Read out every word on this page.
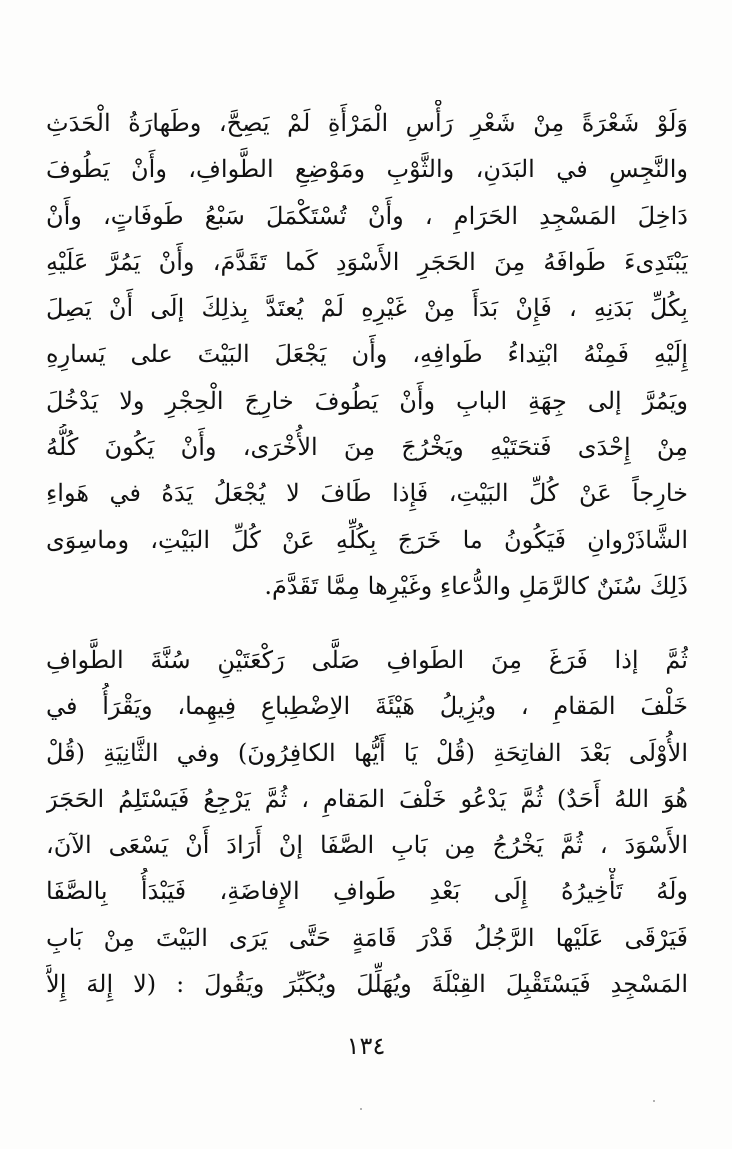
وَلَوْ شَعْرَةً مِنْ شَعْرِ رَأْسِ الْمَرْأَةِ لَمْ يَصِحَّ، وطَهارَةُ الْحَدَثِ
والنَّجِسِ في البَدَنِ، والثَّوْبِ ومَوْضِعِ الطَّوافِ، وأَنْ يَطُوفَ
دَاخِلَ المَسْجِدِ الحَرَامِ ، وأَنْ تُسْتَكْمَلَ سَبْعُ طَوفَاتٍ، وأَنْ
يَبْتَدِىءَ طَوافَهُ مِنَ الحَجَرِ الأَسْوَدِ كَما تَقَدَّمَ، وأَنْ يَمُرَّ عَلَيْهِ
بِكُلِّ بَدَنِهِ ، فَإِنْ بَدَأَ مِنْ غَيْرِهِ لَمْ يُعتَدَّ بِذلِكَ إلَى أَنْ يَصِلَ
إِلَيْهِ فَمِنْهُ ابْتِداءُ طَوافِهِ، وأَن يَجْعَلَ البَيْتَ على يَسارِهِ
ويَمُرَّ إلى جِهَةِ البابِ وأَنْ يَطُوفَ خارِجَ الْحِجْرِ ولا يَدْخُلَ
مِنْ إِحْدَى فَتحَتَيْهِ ويَخْرُجَ مِنَ الأُخْرَى، وأَنْ يَكُونَ كُلُّهُ
خارِجاً عَنْ كُلِّ البَيْتِ، فَإِذا طَافَ لا يُجْعَلُ يَدَهُ في هَواءِ
الشَّاذَرْوانِ فَيَكُونُ ما خَرَجَ بِكُلِّهِ عَنْ كُلِّ البَيْتِ، وماسِوَى
ذَلِكَ سُنَنٌ كالرَّمَلِ والدُّعاءِ وغَيْرِها مِمَّا تَقَدَّمَ.
ثُمَّ إذا فَرَغَ مِنَ الطَوافِ صَلَّى رَكْعَتَيْنِ سُنَّةَ الطَّوافِ
خَلْفَ المَقامِ ، ويُزِيلُ هَيْئَةَ الاِضْطِباعِ فِيهِما، ويَقْرَأُ في
الأُوْلَى بَعْدَ الفاتِحَةِ (قُلْ يَا أَيُّها الكافِرُونَ) وفي الثَّانِيَةِ (قُلْ
هُوَ اللهُ أَحَدٌ) ثُمَّ يَدْعُو خَلْفَ المَقامِ ، ثُمَّ يَرْجِعُ فَيَسْتَلِمُ الحَجَرَ
الأَسْوَدَ ، ثُمَّ يَخْرُجُ مِن بَابِ الصَّفَا إنْ أَرَادَ أَنْ يَسْعَى الآنَ،
ولَهُ تَأْخِيرُهُ إِلَى بَعْدِ طَوافِ الإِفاضَةِ، فَيَبْدَأُ بِالصَّفَا
فَيَرْقَى عَلَيْها الرَّجُلُ قَدْرَ قَامَةٍ حَتَّى يَرَى البَيْتَ مِنْ بَابِ
المَسْجِدِ فَيَسْتَقْبِلَ القِبْلَةَ ويُهَلِّلَ ويُكَبِّرَ ويَقُولَ : (لا إِلهَ إِلاَّ
١٣٤
